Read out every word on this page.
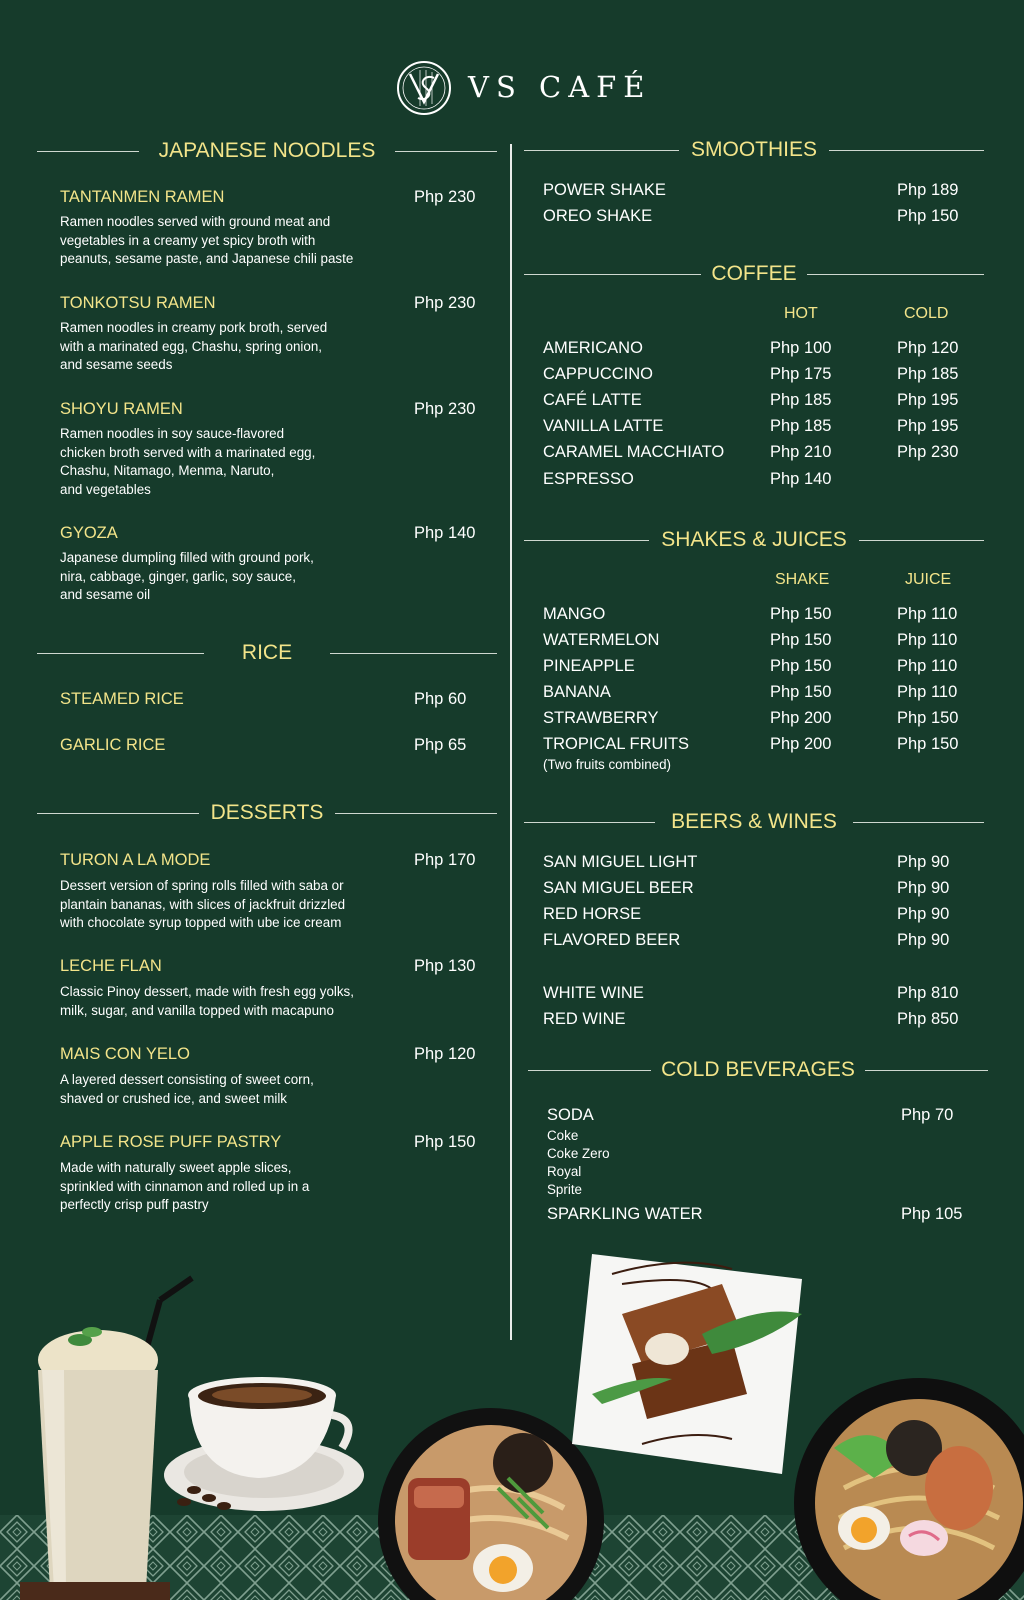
VS CAFÉ
JAPANESE NOODLES
TANTANMEN RAMEN	Php 230
Ramen noodles served with ground meat and
vegetables in a creamy yet spicy broth with
peanuts, sesame paste, and Japanese chili paste
TONKOTSU RAMEN	Php 230
Ramen noodles in creamy pork broth, served
with a marinated egg, Chashu, spring onion,
and sesame seeds
SHOYU RAMEN	Php 230
Ramen noodles in soy sauce-flavored
chicken broth served with a marinated egg,
Chashu, Nitamago, Menma, Naruto,
and vegetables
GYOZA	Php 140
Japanese dumpling filled with ground pork,
nira, cabbage, ginger, garlic, soy sauce,
and sesame oil
RICE
STEAMED RICE	Php 60
GARLIC RICE	Php 65
DESSERTS
TURON A LA MODE	Php 170
Dessert version of spring rolls filled with saba or
plantain bananas, with slices of jackfruit drizzled
with chocolate syrup topped with ube ice cream
LECHE FLAN	Php 130
Classic Pinoy dessert, made with fresh egg yolks,
milk, sugar, and vanilla topped with macapuno
MAIS CON YELO	Php 120
A layered dessert consisting of sweet corn,
shaved or crushed ice, and sweet milk
APPLE ROSE PUFF PASTRY	Php 150
Made with naturally sweet apple slices,
sprinkled with cinnamon and rolled up in a
perfectly crisp puff pastry
SMOOTHIES
POWER SHAKE	Php 189
OREO SHAKE	Php 150
COFFEE
HOT	COLD
AMERICANO	Php 100	Php 120
CAPPUCCINO	Php 175	Php 185
CAFÉ LATTE	Php 185	Php 195
VANILLA LATTE	Php 185	Php 195
CARAMEL MACCHIATO	Php 210	Php 230
ESPRESSO	Php 140
SHAKES & JUICES
SHAKE	JUICE
MANGO	Php 150	Php 110
WATERMELON	Php 150	Php 110
PINEAPPLE	Php 150	Php 110
BANANA	Php 150	Php 110
STRAWBERRY	Php 200	Php 150
TROPICAL FRUITS	Php 200	Php 150
(Two fruits combined)
BEERS & WINES
SAN MIGUEL LIGHT	Php 90
SAN MIGUEL BEER	Php 90
RED HORSE	Php 90
FLAVORED BEER	Php 90
WHITE WINE	Php 810
RED WINE	Php 850
COLD BEVERAGES
SODA	Php 70
Coke
Coke Zero
Royal
Sprite
SPARKLING WATER	Php 105
